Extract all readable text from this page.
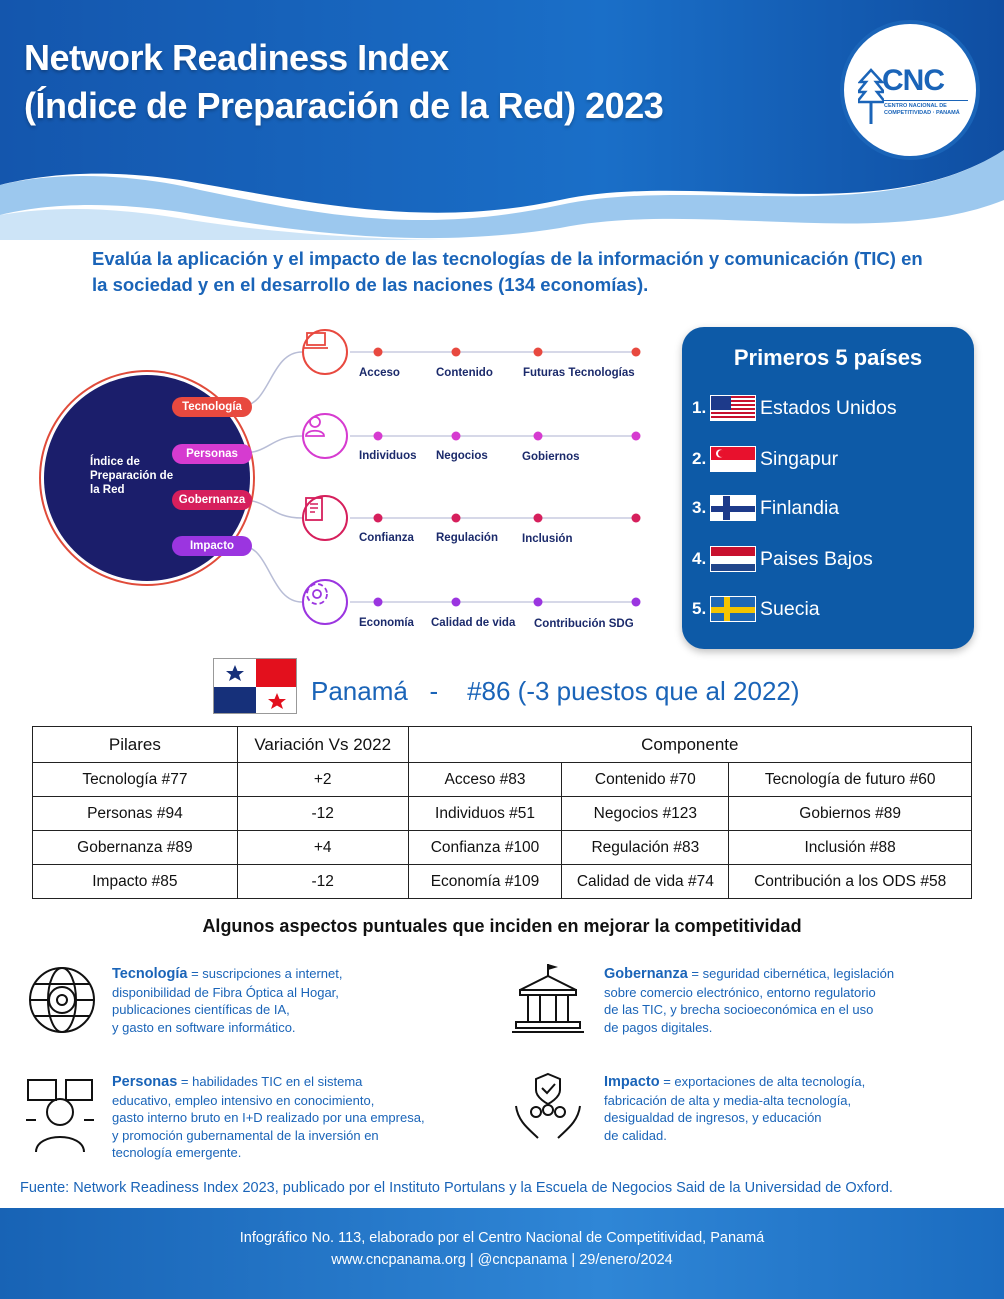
Network Readiness Index
(Índice de Preparación de la Red) 2023
CNC
CENTRO NACIONAL DE COMPETITIVIDAD · PANAMÁ
Evalúa la aplicación y el impacto de las tecnologías de la información y comunicación (TIC) en la sociedad y en el desarrollo de las naciones (134 economías).
Índice de Preparación de la Red
Tecnología
Personas
Gobernanza
Impacto
Acceso	Contenido	Futuras Tecnologías
Individuos Negocios	Gobiernos
Confianza Regulación Inclusión
Economía Calidad de vida Contribución SDG
Primeros 5 países
1.	Estados Unidos
2.	Singapur
3.	Finlandia
4.	Paises Bajos
5.	Suecia
Panamá   -    #86 (-3 puestos que al 2022)
Pilares	Variación Vs 2022	Componente		
Tecnología #77	+2	Acceso #83	Contenido #70	Tecnología de futuro #60
Personas #94	-12	Individuos #51	Negocios #123	Gobiernos #89
Gobernanza #89	+4	Confianza #100	Regulación #83	Inclusión #88
Impacto #85	-12	Economía #109	Calidad de vida #74	Contribución a los ODS #58
Algunos aspectos puntuales que inciden en mejorar la competitividad
Tecnología = suscripciones a internet,
disponibilidad de Fibra Óptica al Hogar,
publicaciones científicas de IA,
y gasto en software informático.
Gobernanza = seguridad cibernética, legislación
sobre comercio electrónico, entorno regulatorio
de las TIC, y brecha socioeconómica en el uso
de pagos digitales.
Personas = habilidades TIC en el sistema
educativo, empleo intensivo en conocimiento,
gasto interno bruto en I+D realizado por una empresa,
y promoción gubernamental de la inversión en
tecnología emergente.
Impacto = exportaciones de alta tecnología,
fabricación de alta y media-alta tecnología,
desigualdad de ingresos, y educación
de calidad.
Fuente: Network Readiness Index 2023, publicado por el Instituto Portulans y la Escuela de Negocios Said de la Universidad de Oxford.
Infográfico No. 113, elaborado por el Centro Nacional de Competitividad, Panamá
www.cncpanama.org | @cncpanama | 29/enero/2024
